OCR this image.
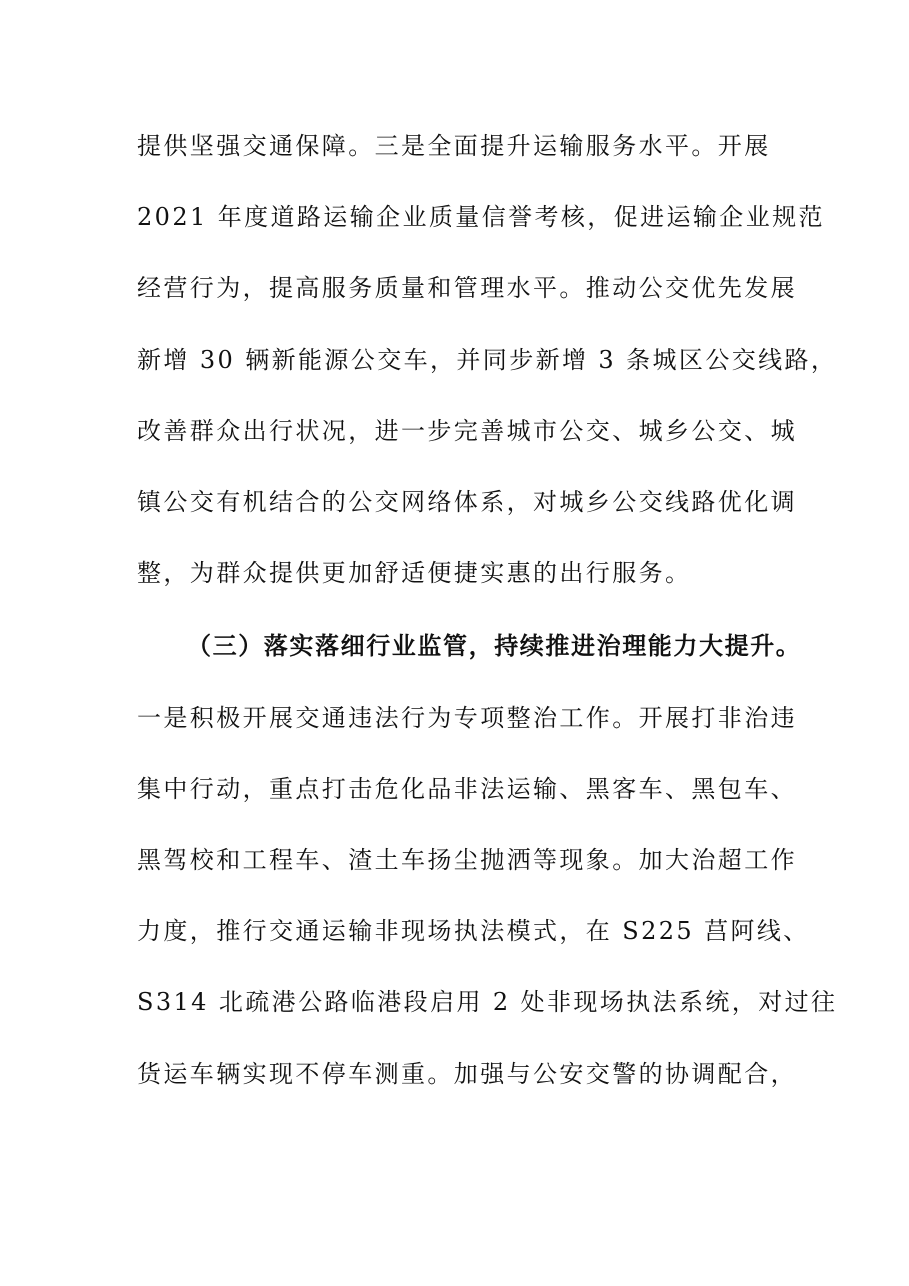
提供坚强交通保障。三是全面提升运输服务水平。开展
2021 年度道路运输企业质量信誉考核，促进运输企业规范
经营行为，提高服务质量和管理水平。推动公交优先发展
新增 30 辆新能源公交车，并同步新增 3 条城区公交线路，
改善群众出行状况，进一步完善城市公交、城乡公交、城
镇公交有机结合的公交网络体系，对城乡公交线路优化调
整，为群众提供更加舒适便捷实惠的出行服务。
（三）落实落细行业监管，持续推进治理能力大提升。
一是积极开展交通违法行为专项整治工作。开展打非治违
集中行动，重点打击危化品非法运输、黑客车、黑包车、
黑驾校和工程车、渣土车扬尘抛洒等现象。加大治超工作
力度，推行交通运输非现场执法模式，在 S225 莒阿线、
S314 北疏港公路临港段启用 2 处非现场执法系统，对过往
货运车辆实现不停车测重。加强与公安交警的协调配合，
